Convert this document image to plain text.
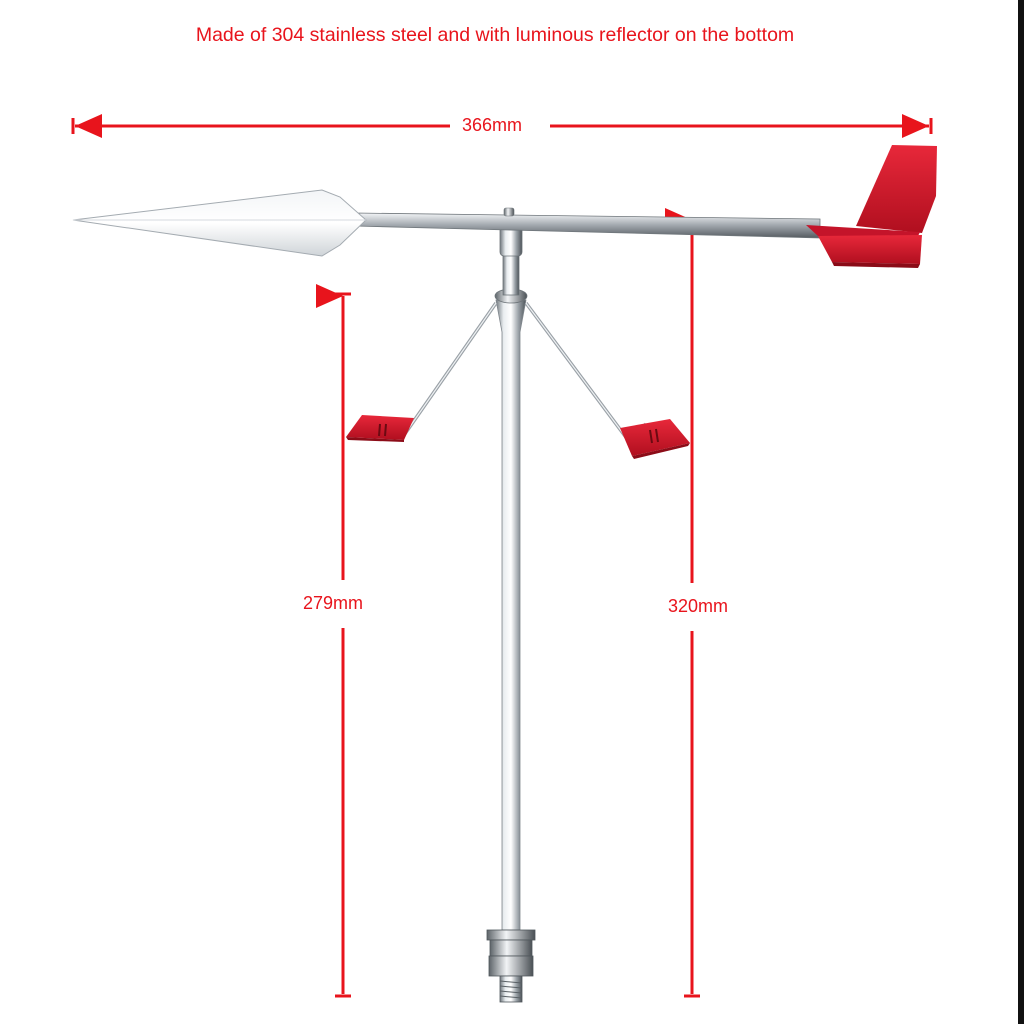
Made of 304 stainless steel and with luminous reflector on the bottom
366mm
279mm	320mm
